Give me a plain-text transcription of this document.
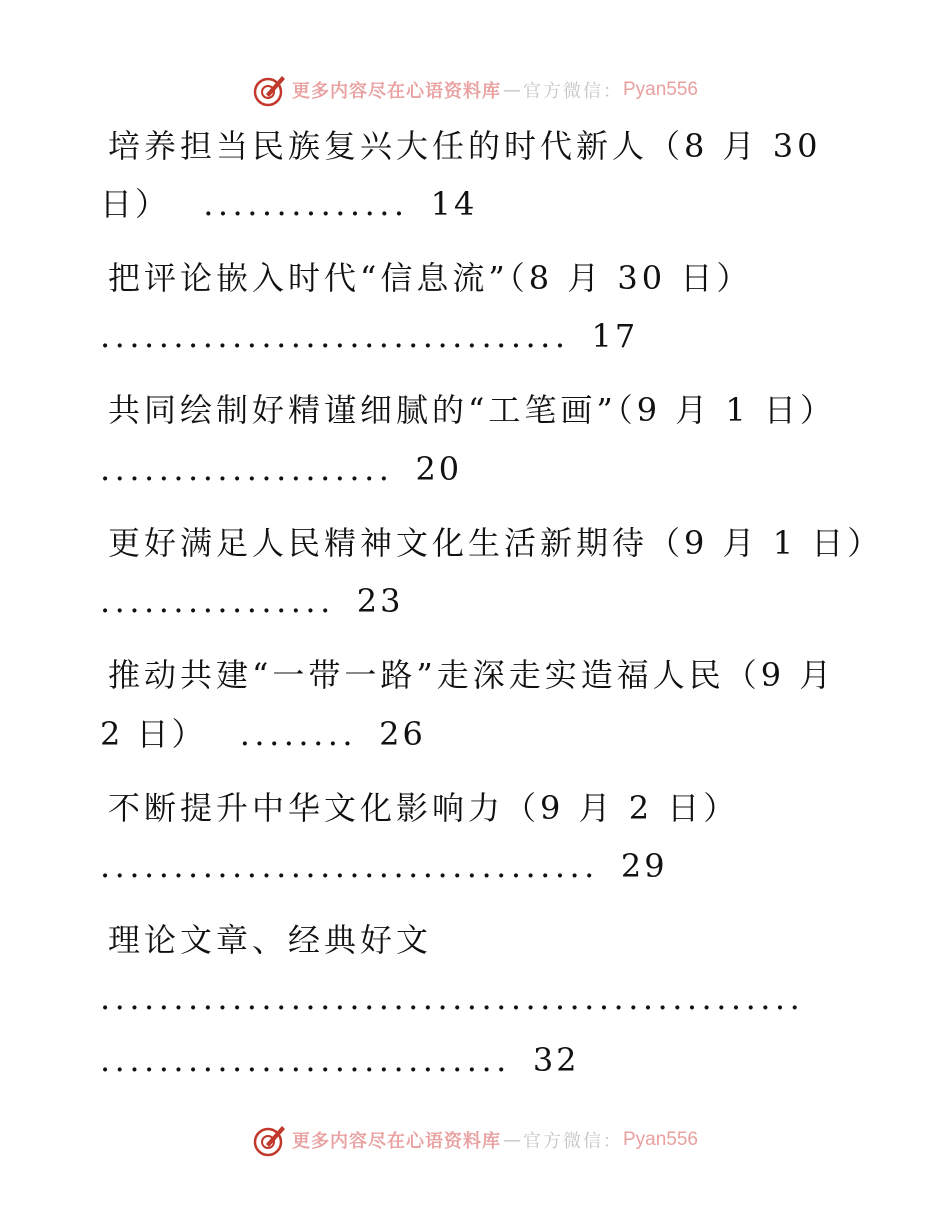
更多内容尽在心语资料库 — 官方微信： Pyan556
培养担当民族复兴大任的时代新人（8 月 30
日） .............. 14
把评论嵌入时代“信息流”（8 月 30 日）
................................ 17
共同绘制好精谨细腻的“工笔画”（9 月 1 日）
.................... 20
更好满足人民精神文化生活新期待（9 月 1 日）
................ 23
推动共建“一带一路”走深走实造福人民（9 月
2 日） ........ 26
不断提升中华文化影响力（9 月 2 日）
.................................. 29
理论文章、经典好文
................................................
............................ 32
更多内容尽在心语资料库 — 官方微信： Pyan556
